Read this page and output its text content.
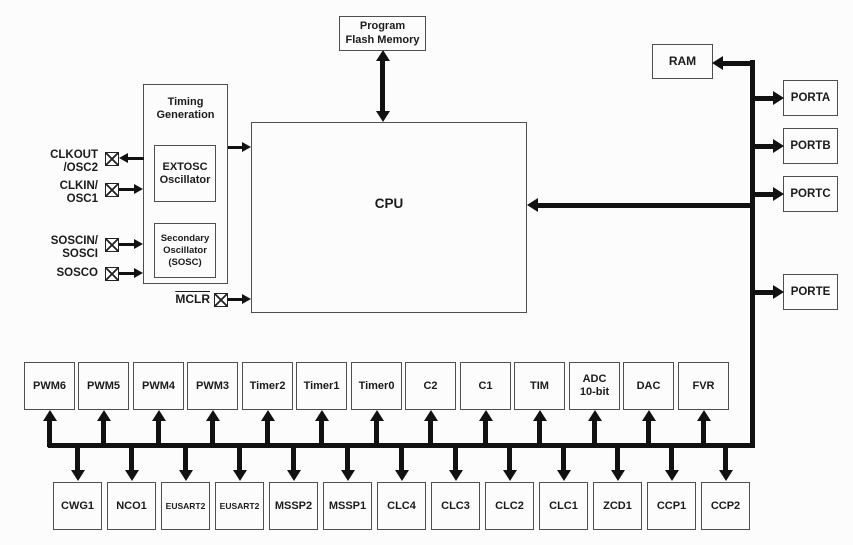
Program
Flash Memory
Timing
Generation
EXTOSC
Oscillator
Secondary
Oscillator
(SOSC)
CPU
RAM
PORTA
PORTB
PORTC
PORTE
CLKOUT
/OSC2
CLKIN/
OSC1
SOSCIN/
SOSCI
SOSCO
MCLR
PWM6	PWM5	PWM4	PWM3	Timer2	Timer1	Timer0	C2	C1	TIM
ADC
10-bit
DAC	FVR
CWG1	NCO1	EUSART2	EUSART2	MSSP2	MSSP1	CLC4	CLC3	CLC2	CLC1	ZCD1	CCP1	CCP2
